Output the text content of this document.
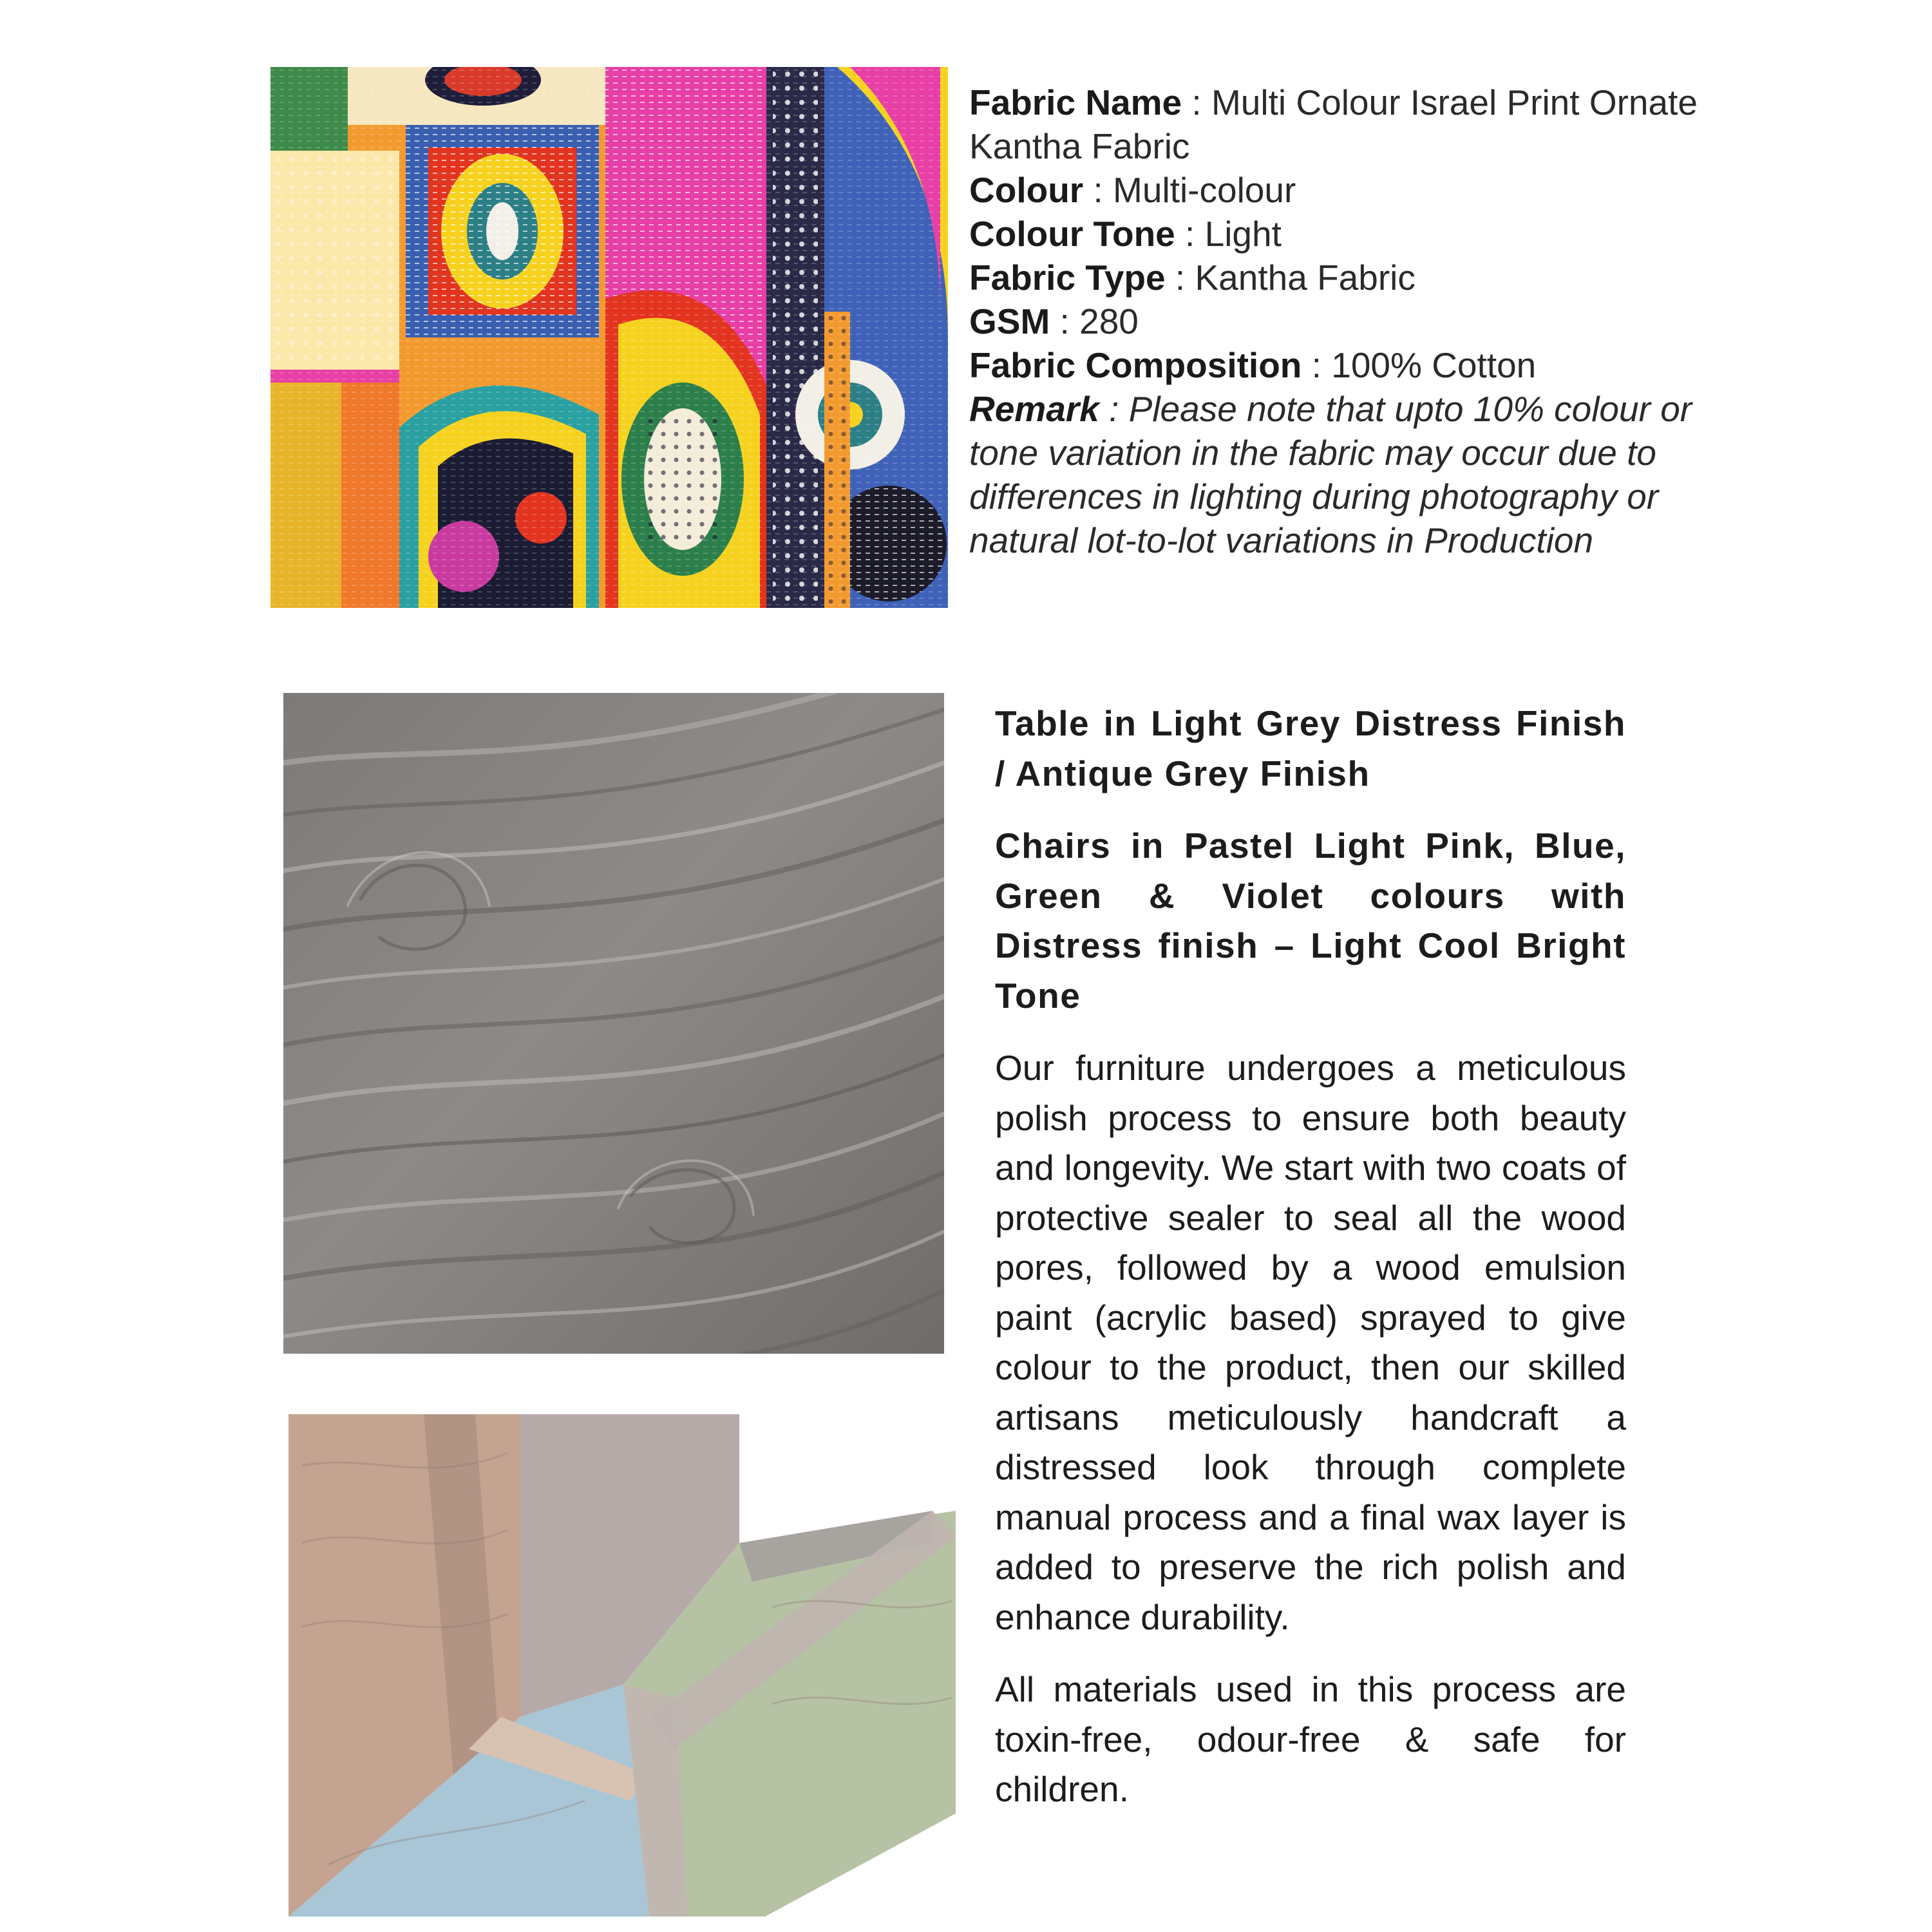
Fabric Name : Multi Colour Israel Print Ornate Kantha Fabric

Colour : Multi-colour

Colour Tone : Light

Fabric Type : Kantha Fabric

GSM : 280

Fabric Composition : 100% Cotton

Remark : Please note that upto 10% colour or tone variation in the fabric may occur due to differences in lighting during photography or natural lot-to-lot variations in Production

Table in Light Grey Distress Finish / Antique Grey Finish

Chairs in Pastel Light Pink, Blue, Green & Violet colours with Distress finish – Light Cool Bright Tone

Our furniture undergoes a meticulous polish process to ensure both beauty and longevity. We start with two coats of protective sealer to seal all the wood pores, followed by a wood emulsion paint (acrylic based) sprayed to give colour to the product, then our skilled artisans meticulously handcraft a distressed look through complete manual process and a final wax layer is added to preserve the rich polish and enhance durability.

All materials used in this process are toxin-free, odour-free & safe for children.
